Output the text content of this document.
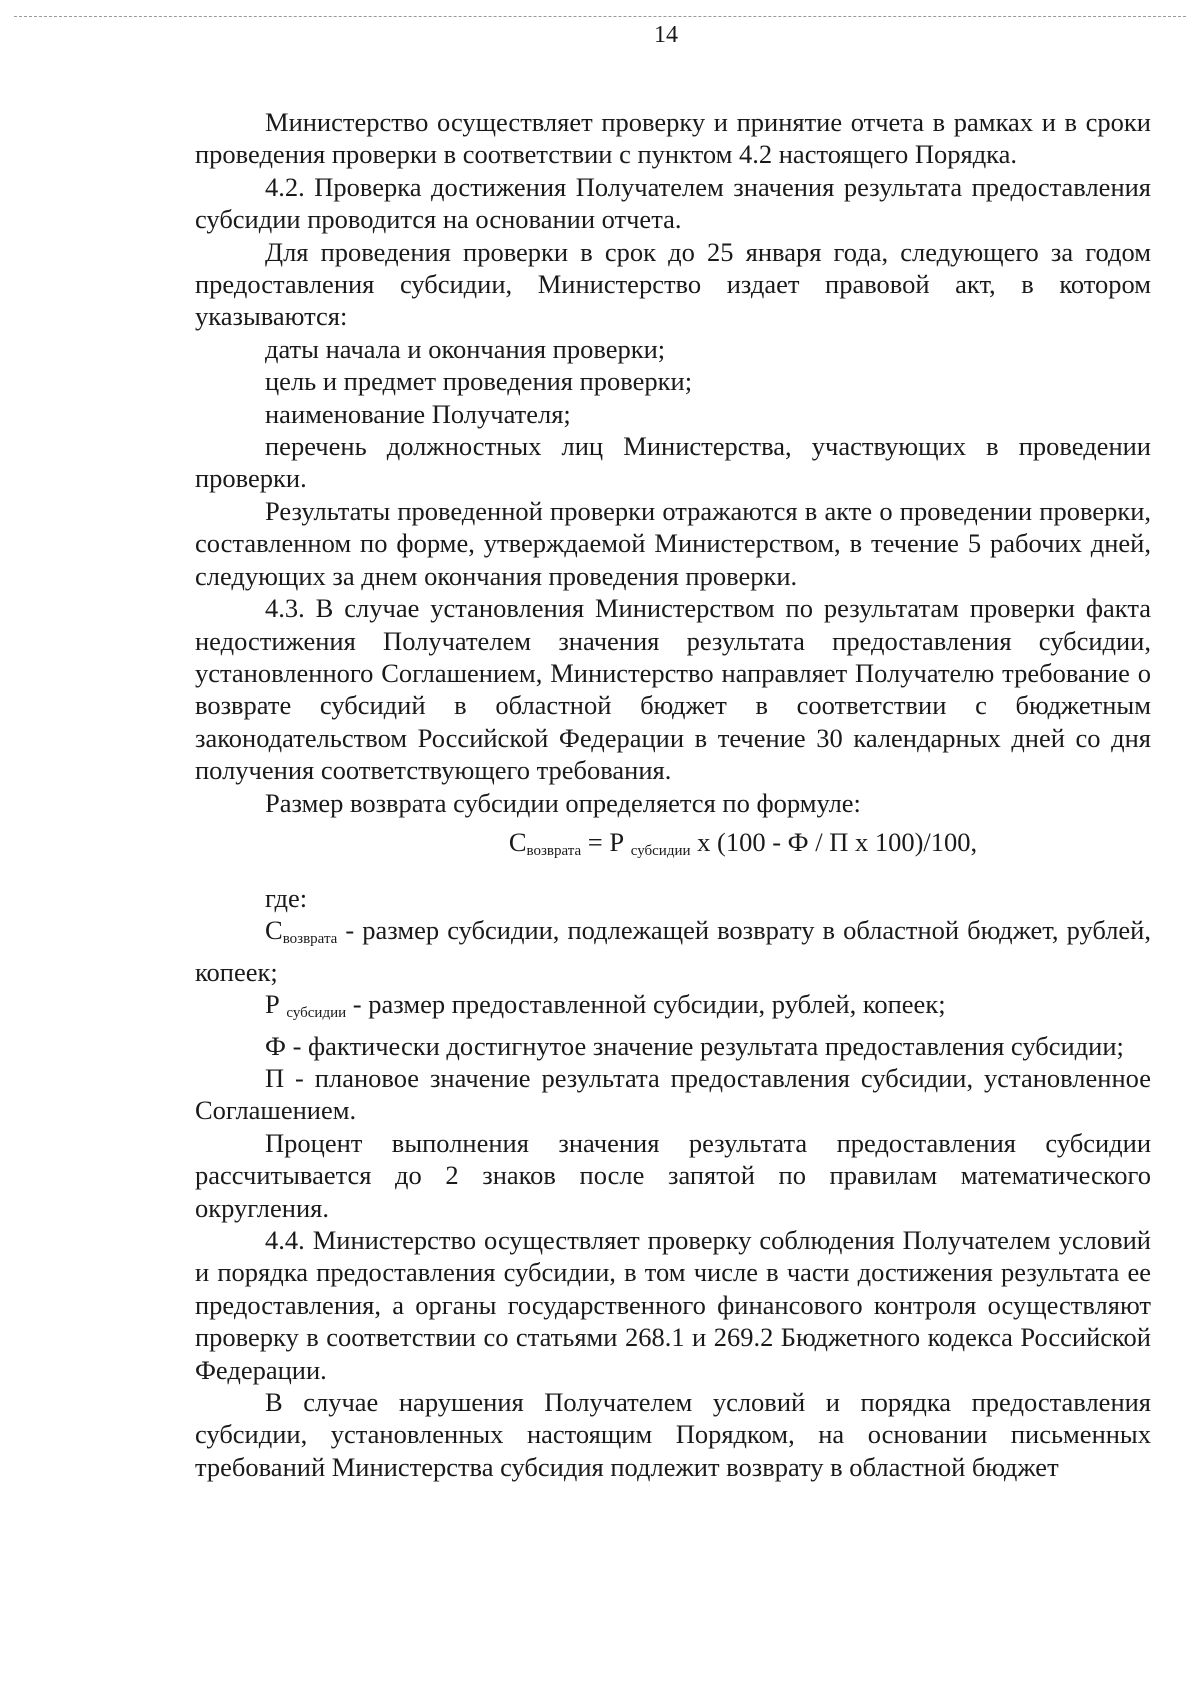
14

Министерство осуществляет проверку и принятие отчета в рамках и в сроки проведения проверки в соответствии с пунктом 4.2 настоящего Порядка.

4.2. Проверка достижения Получателем значения результата предоставления субсидии проводится на основании отчета.

Для проведения проверки в срок до 25 января года, следующего за годом предоставления субсидии, Министерство издает правовой акт, в котором указываются:

даты начала и окончания проверки;

цель и предмет проведения проверки;

наименование Получателя;

перечень должностных лиц Министерства, участвующих в проведении проверки.

Результаты проведенной проверки отражаются в акте о проведении проверки, составленном по форме, утверждаемой Министерством, в течение 5 рабочих дней, следующих за днем окончания проведения проверки.

4.3. В случае установления Министерством по результатам проверки факта недостижения Получателем значения результата предоставления субсидии, установленного Соглашением, Министерство направляет Получателю требование о возврате субсидий в областной бюджет в соответствии с бюджетным законодательством Российской Федерации в течение 30 календарных дней со дня получения соответствующего требования.

Размер возврата субсидии определяется по формуле:

$С_{возврата} = Р$ $_{субсидии}$ х (100 - Ф / П х 100)/100,

где:

$С_{возврата}$ - размер субсидии, подлежащей возврату в областной бюджет, рублей, копеек;

Р $_{субсидии}$ - размер предоставленной субсидии, рублей, копеек;

Ф - фактически достигнутое значение результата предоставления субсидии;

П - плановое значение результата предоставления субсидии, установленное Соглашением.

Процент выполнения значения результата предоставления субсидии рассчитывается до 2 знаков после запятой по правилам математического округления.

4.4. Министерство осуществляет проверку соблюдения Получателем условий и порядка предоставления субсидии, в том числе в части достижения результата ее предоставления, а органы государственного финансового контроля осуществляют проверку в соответствии со статьями 268.1 и 269.2 Бюджетного кодекса Российской Федерации.

В случае нарушения Получателем условий и порядка предоставления субсидии, установленных настоящим Порядком, на основании письменных требований Министерства субсидия подлежит возврату в областной бюджет
